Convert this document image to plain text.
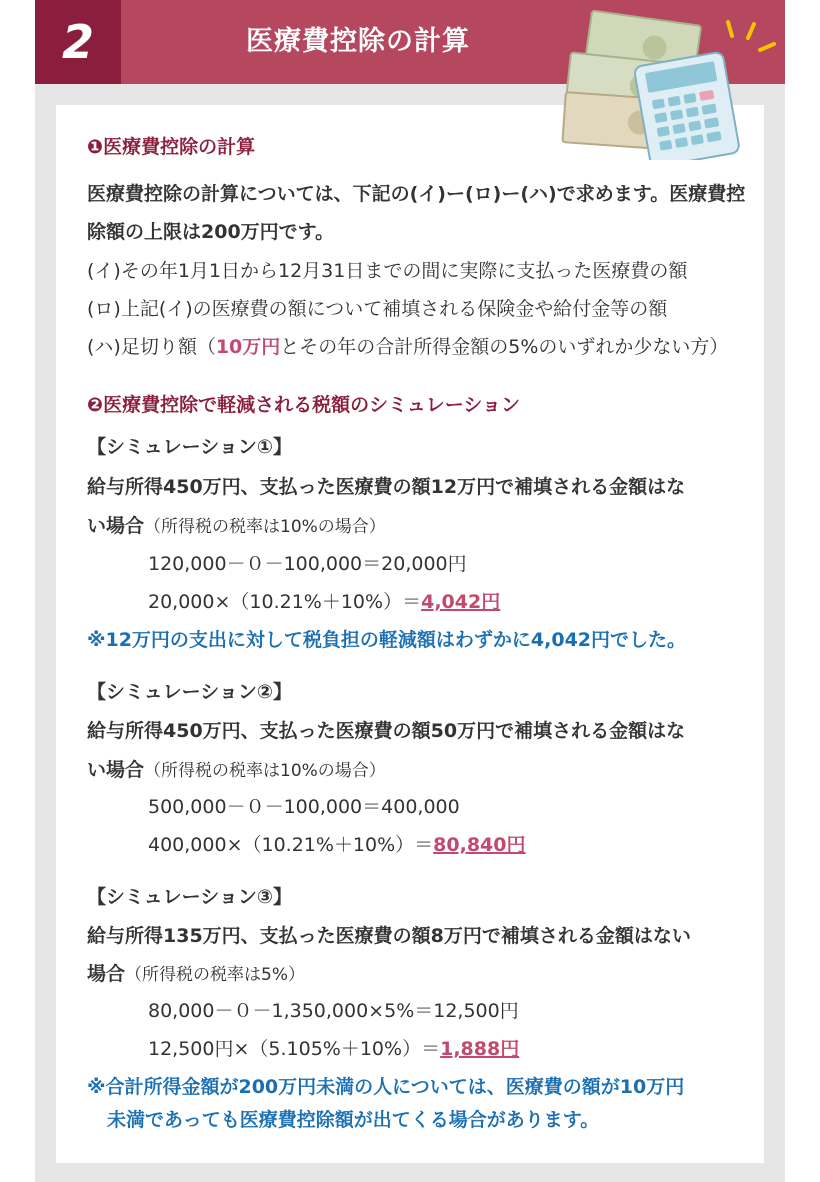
2	医療費控除の計算
❶医療費控除の計算
医療費控除の計算については、下記の(イ)ー(ロ)ー(ハ)で求めます。医療費控
除額の上限は200万円です。
(イ)その年1月1日から12月31日までの間に実際に支払った医療費の額
(ロ)上記(イ)の医療費の額について補填される保険金や給付金等の額
(ハ)足切り額（10万円とその年の合計所得金額の5%のいずれか少ない方）
❷医療費控除で軽減される税額のシミュレーション
【シミュレーション①】
給与所得450万円、支払った医療費の額12万円で補填される金額はな
い場合（所得税の税率は10%の場合）
120,000－０－100,000＝20,000円
20,000×（10.21%＋10%）＝4,042円
※12万円の支出に対して税負担の軽減額はわずかに4,042円でした。
【シミュレーション②】
給与所得450万円、支払った医療費の額50万円で補填される金額はな
い場合（所得税の税率は10%の場合）
500,000－０－100,000＝400,000
400,000×（10.21%＋10%）＝80,840円
【シミュレーション③】
給与所得135万円、支払った医療費の額8万円で補填される金額はない
場合（所得税の税率は5%）
80,000－０－1,350,000×5%＝12,500円
12,500円×（5.105%＋10%）＝1,888円
※合計所得金額が200万円未満の人については、医療費の額が10万円
未満であっても医療費控除額が出てくる場合があります。
